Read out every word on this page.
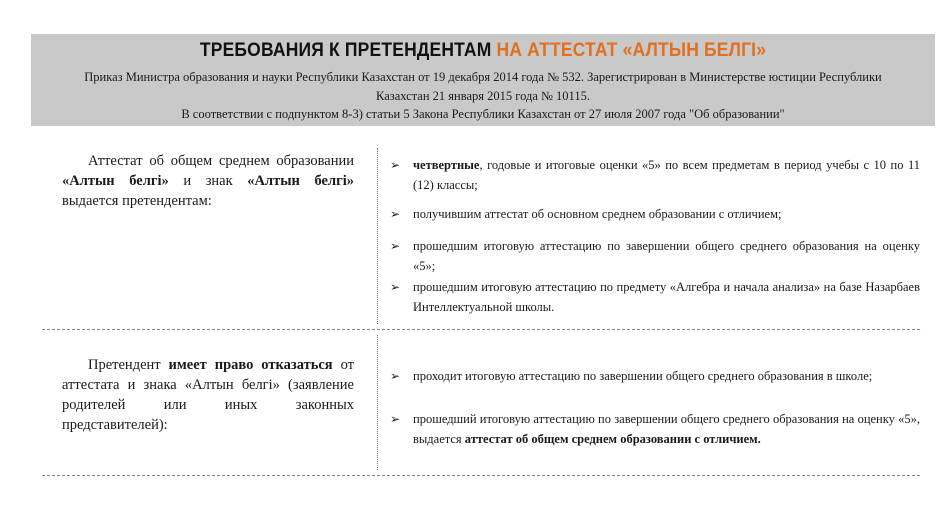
ТРЕБОВАНИЯ К ПРЕТЕНДЕНТАМ НА АТТЕСТАТ «АЛТЫН БЕЛГІ»
Приказ Министра образования и науки Республики Казахстан от 19 декабря 2014 года № 532. Зарегистрирован в Министерстве юстиции Республики
Казахстан 21 января 2015 года № 10115.
В соответствии с подпунктом 8-3) статьи 5 Закона Республики Казахстан от 27 июля 2007 года "Об образовании"

Аттестат об общем среднем образовании «Алтын белгі» и знак «Алтын белгі» выдается претендентам:

➢ четвертные, годовые и итоговые оценки «5» по всем предметам в период учебы с 10 по 11 (12) классы;
➢ получившим аттестат об основном среднем образовании с отличием;
➢ прошедшим итоговую аттестацию по завершении общего среднего образования на оценку «5»;
➢ прошедшим итоговую аттестацию по предмету «Алгебра и начала анализа» на базе Назарбаев Интеллектуальной школы.

Претендент имеет право отказаться от аттестата и знака «Алтын белгі» (заявление родителей или иных законных представителей):

➢ проходит итоговую аттестацию по завершении общего среднего образования в школе;
➢ прошедший итоговую аттестацию по завершении общего среднего образования на оценку «5», выдается аттестат об общем среднем образовании с отличием.
